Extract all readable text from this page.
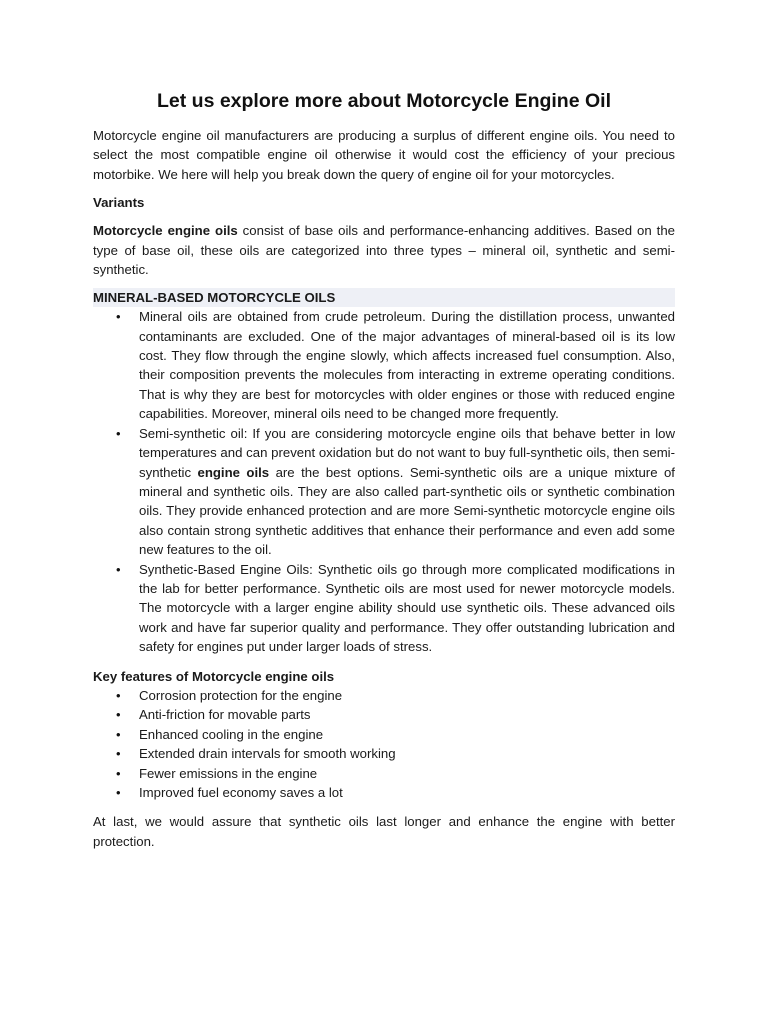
Let us explore more about Motorcycle Engine Oil

Motorcycle engine oil manufacturers are producing a surplus of different engine oils. You need to select the most compatible engine oil otherwise it would cost the efficiency of your precious motorbike. We here will help you break down the query of engine oil for your motorcycles.

Variants

Motorcycle engine oils consist of base oils and performance-enhancing additives. Based on the type of base oil, these oils are categorized into three types – mineral oil, synthetic and semi-synthetic.

MINERAL-BASED MOTORCYCLE OILS
• Mineral oils are obtained from crude petroleum. During the distillation process, unwanted contaminants are excluded. One of the major advantages of mineral-based oil is its low cost. They flow through the engine slowly, which affects increased fuel consumption. Also, their composition prevents the molecules from interacting in extreme operating conditions. That is why they are best for motorcycles with older engines or those with reduced engine capabilities. Moreover, mineral oils need to be changed more frequently.
• Semi-synthetic oil: If you are considering motorcycle engine oils that behave better in low temperatures and can prevent oxidation but do not want to buy full-synthetic oils, then semi-synthetic engine oils are the best options. Semi-synthetic oils are a unique mixture of mineral and synthetic oils. They are also called part-synthetic oils or synthetic combination oils. They provide enhanced protection and are more Semi-synthetic motorcycle engine oils also contain strong synthetic additives that enhance their performance and even add some new features to the oil.
• Synthetic-Based Engine Oils: Synthetic oils go through more complicated modifications in the lab for better performance. Synthetic oils are most used for newer motorcycle models. The motorcycle with a larger engine ability should use synthetic oils. These advanced oils work and have far superior quality and performance. They offer outstanding lubrication and safety for engines put under larger loads of stress.
Key features of Motorcycle engine oils
• Corrosion protection for the engine
• Anti-friction for movable parts
• Enhanced cooling in the engine
• Extended drain intervals for smooth working
• Fewer emissions in the engine
• Improved fuel economy saves a lot

At last, we would assure that synthetic oils last longer and enhance the engine with better protection.
